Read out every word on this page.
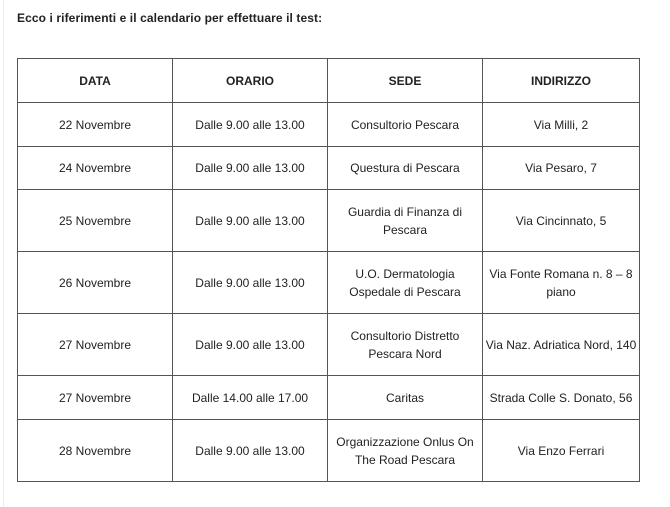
Ecco i riferimenti e il calendario per effettuare il test:
DATA	ORARIO	SEDE	INDIRIZZO
22 Novembre	Dalle 9.00 alle 13.00	Consultorio Pescara	Via Milli, 2
24 Novembre	Dalle 9.00 alle 13.00	Questura di Pescara	Via Pesaro, 7
25 Novembre	Dalle 9.00 alle 13.00	Guardia di Finanza di Pescara	Via Cincinnato, 5
26 Novembre	Dalle 9.00 alle 13.00	U.O. Dermatologia Ospedale di Pescara	Via Fonte Romana n. 8 – 8 piano
27 Novembre	Dalle 9.00 alle 13.00	Consultorio Distretto Pescara Nord	Via Naz. Adriatica Nord, 140
27 Novembre	Dalle 14.00 alle 17.00	Caritas	Strada Colle S. Donato, 56
28 Novembre	Dalle 9.00 alle 13.00	Organizzazione Onlus On The Road Pescara	Via Enzo Ferrari
